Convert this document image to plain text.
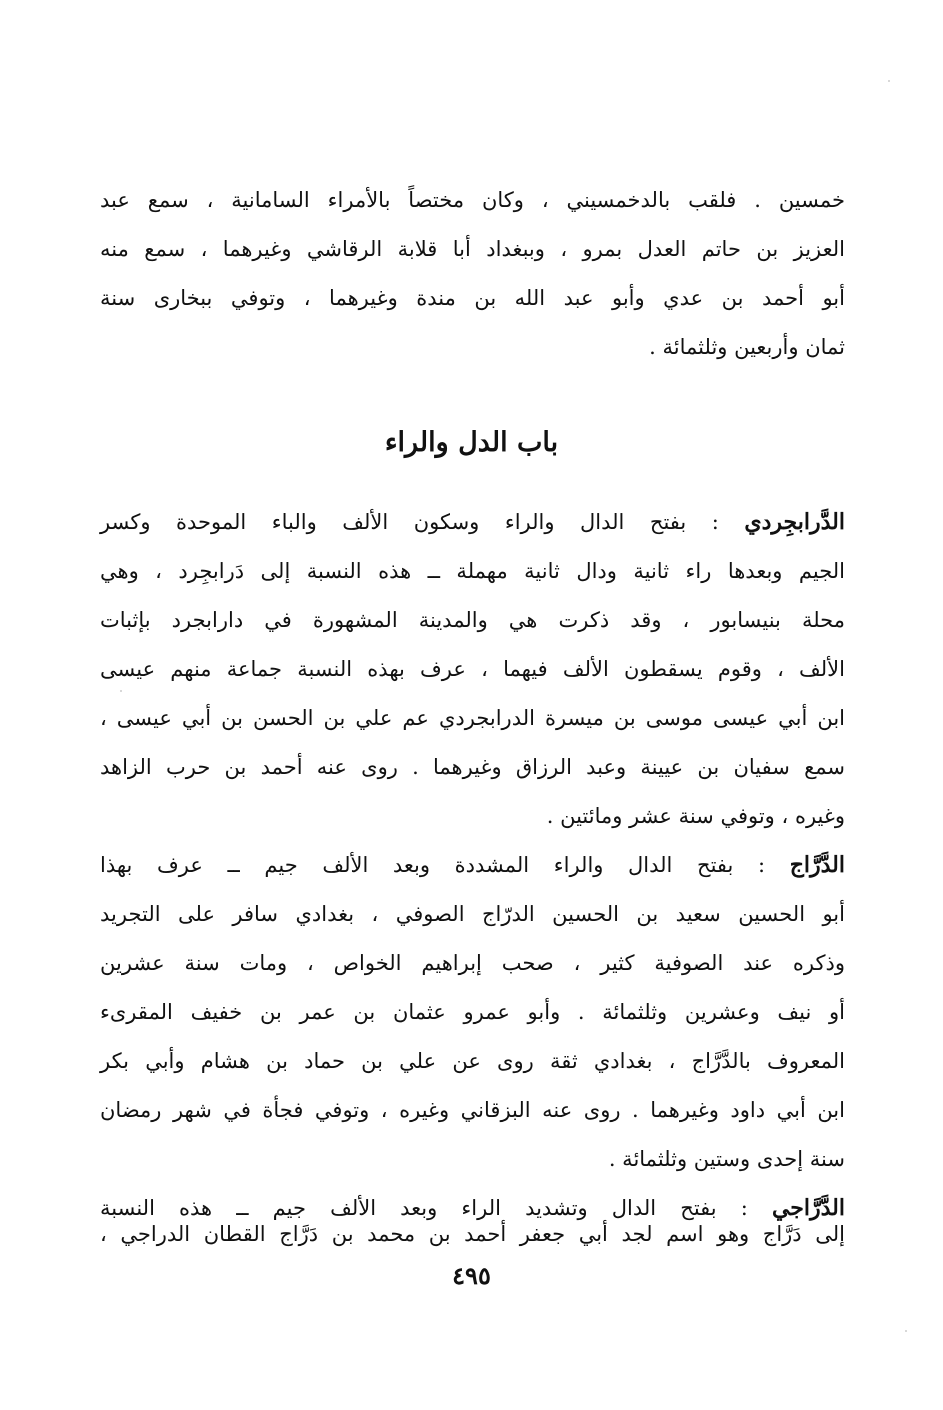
خمسين . فلقب بالدخمسيني ، وكان مختصاً بالأمراء السامانية ، سمع عبد
العزيز بن حاتم العدل بمرو ، وببغداد أبا قلابة الرقاشي وغيرهما ، سمع منه
أبو أحمد بن عدي وأبو عبد الله بن مندة وغيرهما ، وتوفي ببخارى سنة
ثمان وأربعين وثلثمائة .
باب الدل والراء
الدَّرابجِردي : بفتح الدال والراء وسكون الألف والباء الموحدة وكسر
الجيم وبعدها راء ثانية ودال ثانية مهملة ــ هذه النسبة إلى دَرابجِرد ، وهي
محلة بنيسابور ، وقد ذكرت هي والمدينة المشهورة في دارابجرد بإثبات
الألف ، وقوم يسقطون الألف فيهما ، عرف بهذه النسبة جماعة منهم عيسى
ابن أبي عيسى موسى بن ميسرة الدرابجردي عم علي بن الحسن بن أبي عيسى ،
سمع سفيان بن عيينة وعبد الرزاق وغيرهما . روى عنه أحمد بن حرب الزاهد
وغيره ، وتوفي سنة عشر ومائتين .
الدَّرَّاج : بفتح الدال والراء المشددة وبعد الألف جيم ــ عرف بهذا
أبو الحسين سعيد بن الحسين الدرّاج الصوفي ، بغدادي سافر على التجريد
وذكره عند الصوفية كثير ، صحب إبراهيم الخواص ، ومات سنة عشرين
أو نيف وعشرين وثلثمائة . وأبو عمرو عثمان بن عمر بن خفيف المقرىء
المعروف بالدَّرَّاج ، بغدادي ثقة روى عن علي بن حماد بن هشام وأبي بكر
ابن أبي داود وغيرهما . روى عنه البزقاني وغيره ، وتوفي فجأة في شهر رمضان
سنة إحدى وستين وثلثمائة .
الدَّرَّاجي : بفتح الدال وتشديد الراء وبعد الألف جيم ــ هذه النسبة
إلى دَرَّاج وهو اسم لجد أبي جعفر أحمد بن محمد بن دَرَّاج القطان الدراجي ،
٤٩٥
